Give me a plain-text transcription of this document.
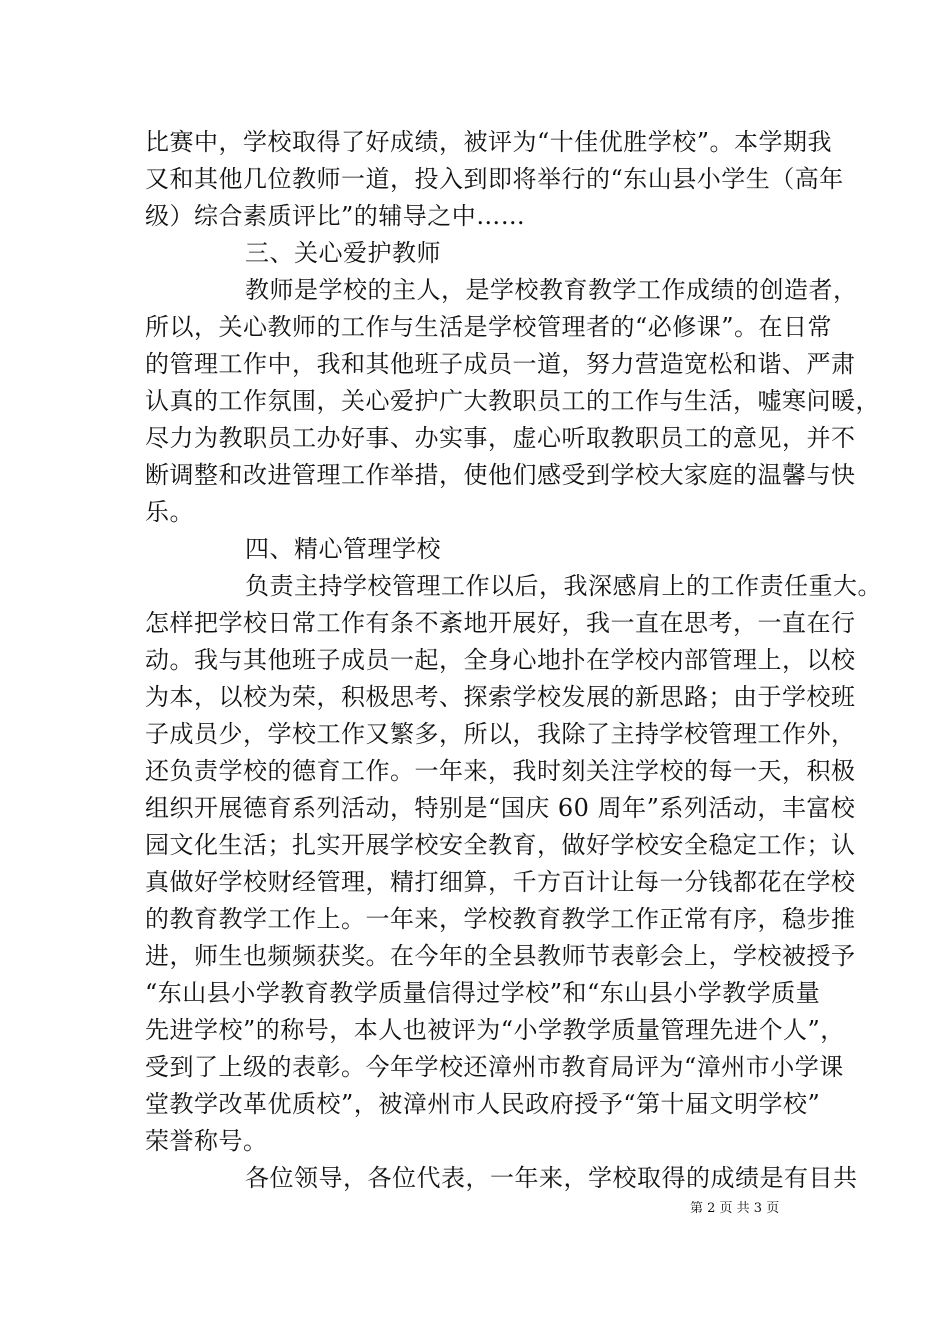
比赛中，学校取得了好成绩，被评为“十佳优胜学校”。本学期我
又和其他几位教师一道，投入到即将举行的“东山县小学生（高年
级）综合素质评比”的辅导之中……
三、关心爱护教师
教师是学校的主人，是学校教育教学工作成绩的创造者，
所以，关心教师的工作与生活是学校管理者的“必修课”。在日常
的管理工作中，我和其他班子成员一道，努力营造宽松和谐、严肃
认真的工作氛围，关心爱护广大教职员工的工作与生活，嘘寒问暖，
尽力为教职员工办好事、办实事，虚心听取教职员工的意见，并不
断调整和改进管理工作举措，使他们感受到学校大家庭的温馨与快
乐。
四、精心管理学校
负责主持学校管理工作以后，我深感肩上的工作责任重大。
怎样把学校日常工作有条不紊地开展好，我一直在思考，一直在行
动。我与其他班子成员一起，全身心地扑在学校内部管理上，以校
为本，以校为荣，积极思考、探索学校发展的新思路；由于学校班
子成员少，学校工作又繁多，所以，我除了主持学校管理工作外，
还负责学校的德育工作。一年来，我时刻关注学校的每一天，积极
组织开展德育系列活动，特别是“国庆 60 周年”系列活动，丰富校
园文化生活；扎实开展学校安全教育，做好学校安全稳定工作；认
真做好学校财经管理，精打细算，千方百计让每一分钱都花在学校
的教育教学工作上。一年来，学校教育教学工作正常有序，稳步推
进，师生也频频获奖。在今年的全县教师节表彰会上，学校被授予
“东山县小学教育教学质量信得过学校”和“东山县小学教学质量
先进学校”的称号，本人也被评为“小学教学质量管理先进个人”，
受到了上级的表彰。今年学校还漳州市教育局评为“漳州市小学课
堂教学改革优质校”，被漳州市人民政府授予“第十届文明学校”
荣誉称号。
各位领导，各位代表，一年来，学校取得的成绩是有目共
第 2 页 共 3 页
